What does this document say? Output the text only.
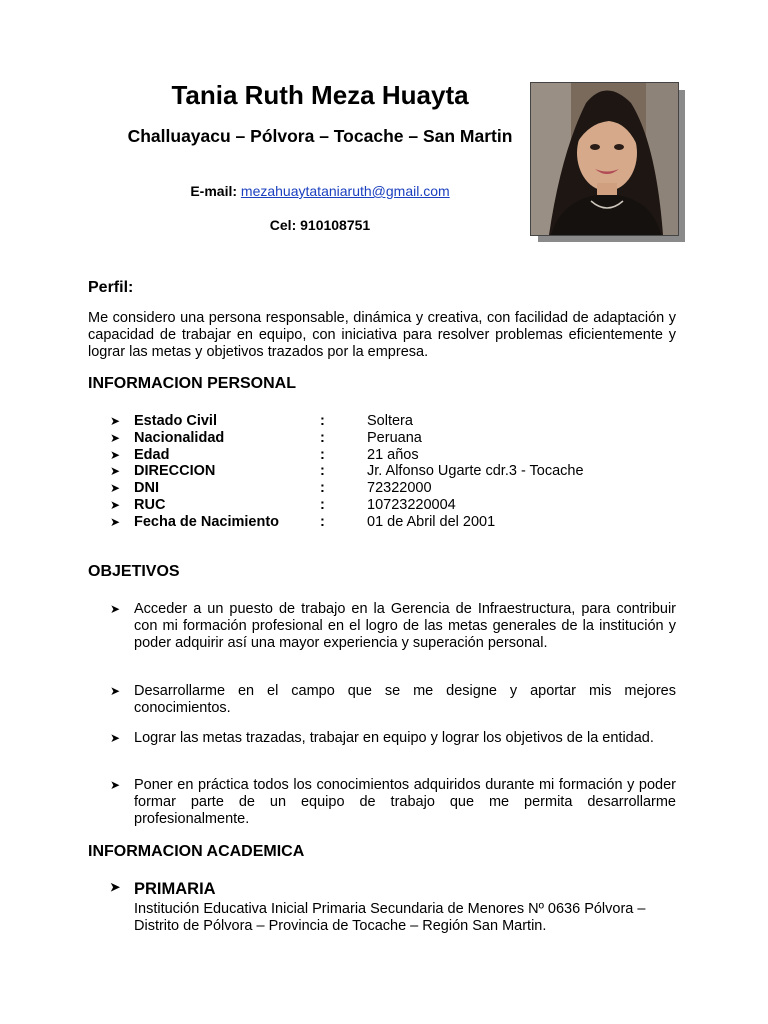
Tania Ruth Meza Huayta

Challuayacu – Pólvora – Tocache – San Martin

E-mail: mezahuaytataniaruth@gmail.com
Cel: 910108751
Perfil:

Me considero una persona responsable, dinámica y creativa, con facilidad de adaptación y capacidad de trabajar en equipo, con iniciativa para resolver problemas eficientemente y lograr las metas y objetivos trazados por la empresa.

INFORMACION PERSONAL
➤ Estado Civil	:	Soltera
➤ Nacionalidad	:	Peruana
➤ Edad	:	21 años
➤ DIRECCION	:	Jr. Alfonso Ugarte cdr.3 - Tocache
➤ DNI	:	72322000
➤ RUC	:	10723220004
➤ Fecha de Nacimiento	:	01 de Abril del 2001
OBJETIVOS
➤ Acceder a un puesto de trabajo en la Gerencia de Infraestructura, para contribuir con mi formación profesional en el logro de las metas generales de la institución y poder adquirir así una mayor experiencia y superación personal.
➤ Desarrollarme en el campo que se me designe y aportar mis mejores conocimientos.
➤ Lograr las metas trazadas, trabajar en equipo y lograr los objetivos de la entidad.
➤ Poner en práctica todos los conocimientos adquiridos durante mi formación y poder formar parte de un equipo de trabajo que me permita desarrollarme profesionalmente.
INFORMACION ACADEMICA
➤ PRIMARIA

Institución Educativa Inicial Primaria Secundaria de Menores Nº 0636 Pólvora – Distrito de Pólvora – Provincia de Tocache – Región San Martin.
